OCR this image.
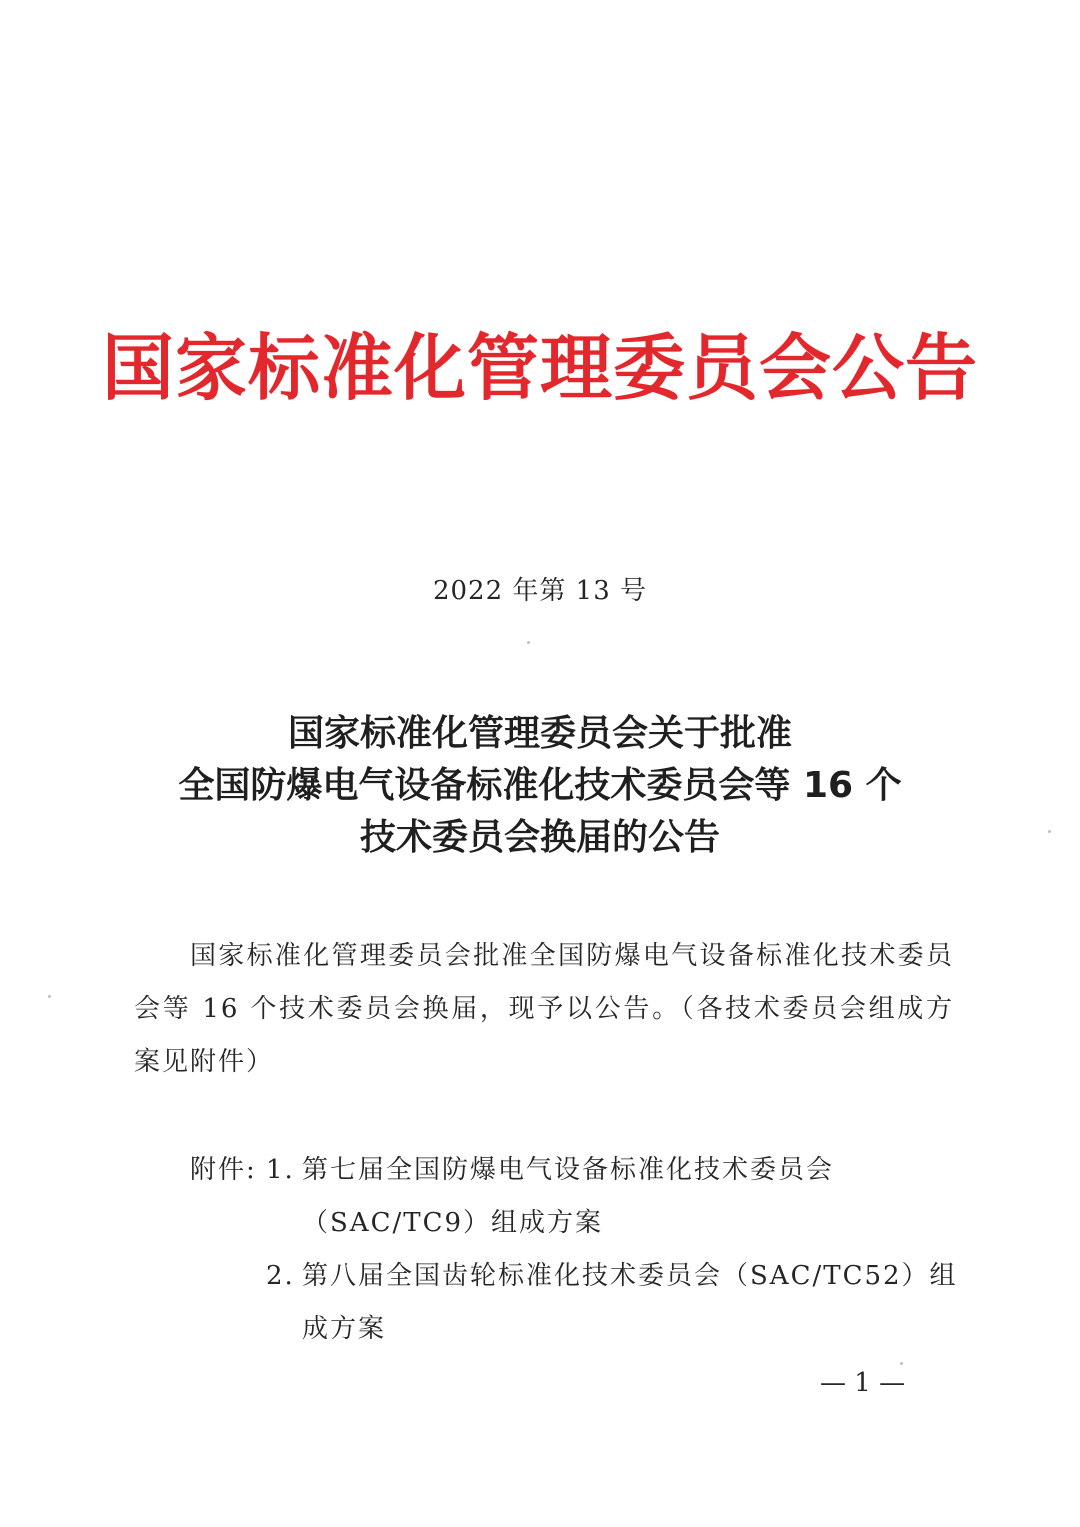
国家标准化管理委员会公告
2022 年第 13 号
国家标准化管理委员会关于批准
全国防爆电气设备标准化技术委员会等 16 个
技术委员会换届的公告
国家标准化管理委员会批准全国防爆电气设备标准化技术委员会等 16 个技术委员会换届，现予以公告。（各技术委员会组成方案见附件）
附件: 1. 第七届全国防爆电气设备标准化技术委员会
（SAC/TC9）组成方案
2. 第八届全国齿轮标准化技术委员会（SAC/TC52）组
成方案
— 1 —
